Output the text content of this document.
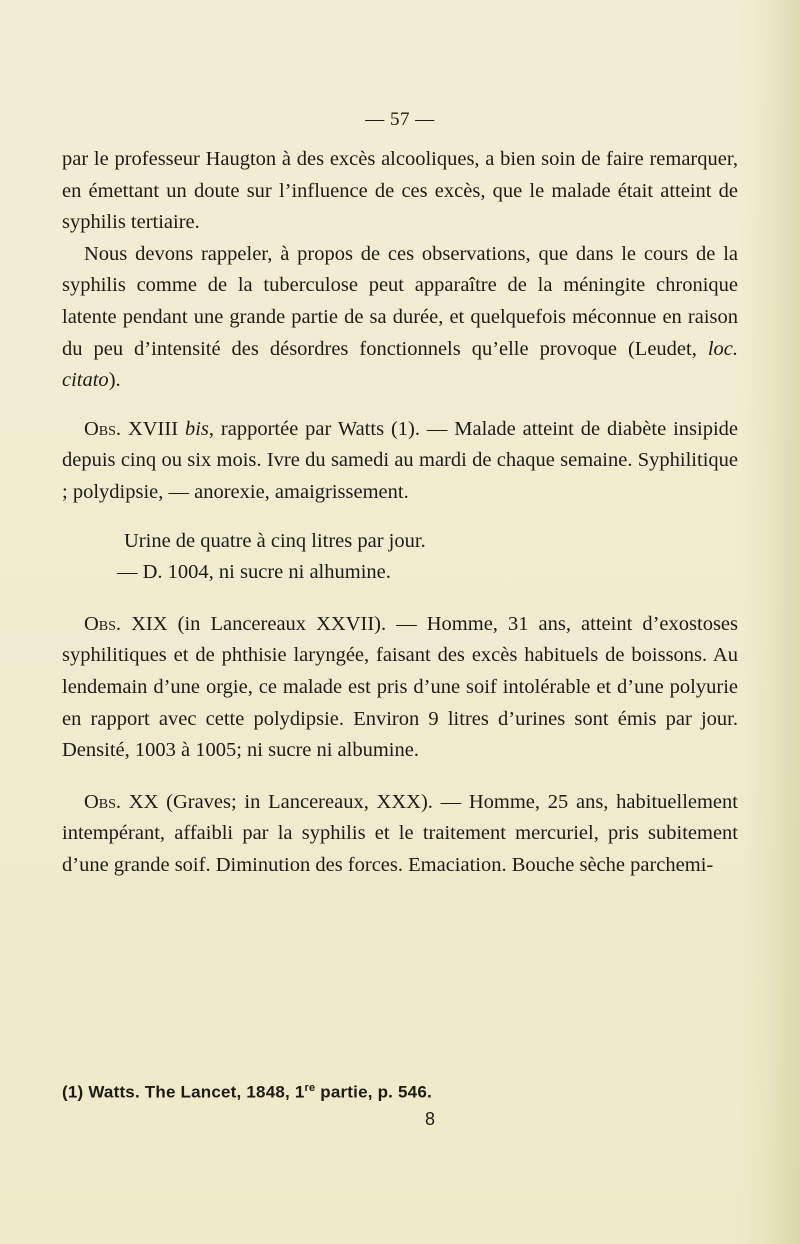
— 57 —

par le professeur Haugton à des excès alcooliques, a bien soin de faire remarquer, en émettant un doute sur l’influence de ces excès, que le malade était atteint de syphilis tertiaire.

Nous devons rappeler, à propos de ces observations, que dans le cours de la syphilis comme de la tuberculose peut apparaître de la méningite chronique latente pendant une grande partie de sa durée, et quelquefois méconnue en raison du peu d’intensité des désordres fonctionnels qu’elle provoque (Leudet, loc. citato).

Obs. XVIII bis, rapportée par Watts (1). — Malade atteint de diabète insipide depuis cinq ou six mois. Ivre du samedi au mardi de chaque semaine. Syphilitique ; polydipsie, — anorexie, amaigrissement.

Urine de quatre à cinq litres par jour.

— D. 1004, ni sucre ni alhumine.

Obs. XIX (in Lancereaux XXVII). — Homme, 31 ans, atteint d’exostoses syphilitiques et de phthisie laryngée, faisant des excès habituels de boissons. Au lendemain d’une orgie, ce malade est pris d’une soif intolérable et d’une polyurie en rapport avec cette polydipsie. Environ 9 litres d’urines sont émis par jour. Densité, 1003 à 1005; ni sucre ni albumine.

Obs. XX (Graves; in Lancereaux, XXX). — Homme, 25 ans, habituellement intempérant, affaibli par la syphilis et le traitement mercuriel, pris subitement d’une grande soif. Diminution des forces. Emaciation. Bouche sèche parchemi-

(1) Watts. The Lancet, 1848, 1re partie, p. 546.
8
